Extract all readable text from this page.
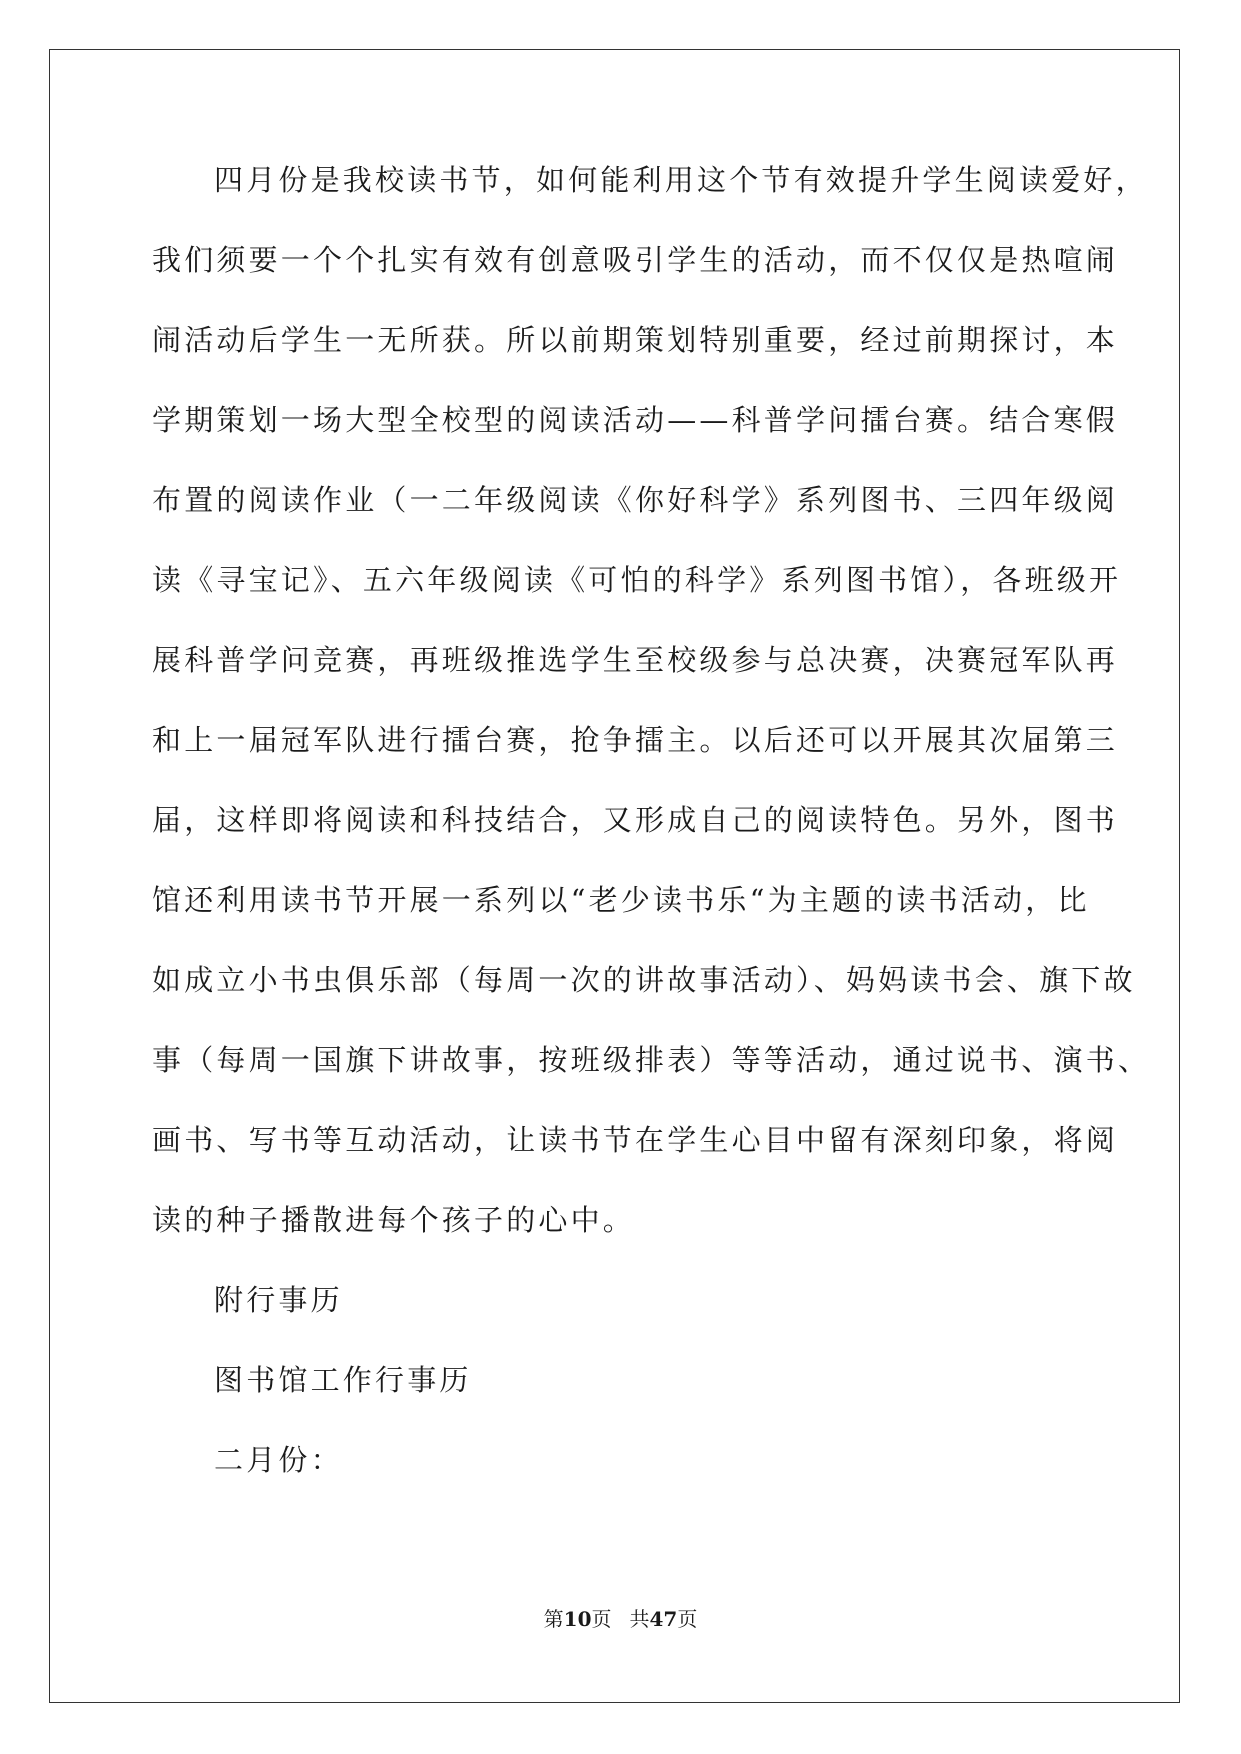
四月份是我校读书节，如何能利用这个节有效提升学生阅读爱好，
我们须要一个个扎实有效有创意吸引学生的活动，而不仅仅是热喧闹
闹活动后学生一无所获。所以前期策划特别重要，经过前期探讨，本
学期策划一场大型全校型的阅读活动——科普学问擂台赛。结合寒假
布置的阅读作业（一二年级阅读《你好科学》系列图书、三四年级阅
读《寻宝记》、五六年级阅读《可怕的科学》系列图书馆），各班级开
展科普学问竞赛，再班级推选学生至校级参与总决赛，决赛冠军队再
和上一届冠军队进行擂台赛，抢争擂主。以后还可以开展其次届第三
届，这样即将阅读和科技结合，又形成自己的阅读特色。另外，图书
馆还利用读书节开展一系列以“老少读书乐“为主题的读书活动，比
如成立小书虫俱乐部（每周一次的讲故事活动）、妈妈读书会、旗下故
事（每周一国旗下讲故事，按班级排表）等等活动，通过说书、演书、
画书、写书等互动活动，让读书节在学生心目中留有深刻印象，将阅
读的种子播散进每个孩子的心中。
附行事历
图书馆工作行事历
二月份：
第10页 共47页
